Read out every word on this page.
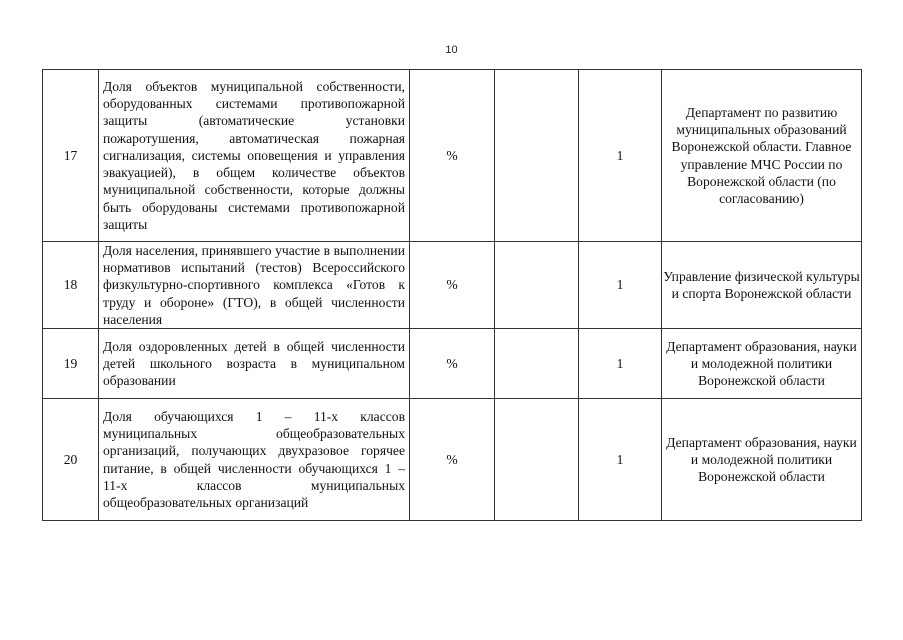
10
17	Доля объектов муниципальной собственности, оборудованных системами противопожарной защиты (автоматические установки пожаротушения, автоматическая пожарная сигнализация, системы оповещения и управления эвакуацией), в общем количестве объектов муниципальной собственности, которые должны быть оборудованы системами противопожарной защиты	%		1	Департамент по развитию муниципальных образований Воронежской области. Главное управление МЧС России по Воронежской области (по согласованию)
18	Доля населения, принявшего участие в выполнении нормативов испытаний (тестов) Всероссийского физкультурно-спортивного комплекса «Готов к труду и обороне» (ГТО), в общей численности населения	%		1	Управление физической культуры и спорта Воронежской области
19	Доля оздоровленных детей в общей численности детей школьного возраста в муниципальном образовании	%		1	Департамент образования, науки и молодежной политики Воронежской области
20	Доля обучающихся 1 – 11-х классов муниципальных общеобразовательных организаций, получающих двухразовое горячее питание, в общей численности обучающихся 1 – 11-х классов муниципальных общеобразовательных организаций	%		1	Департамент образования, науки и молодежной политики Воронежской области
